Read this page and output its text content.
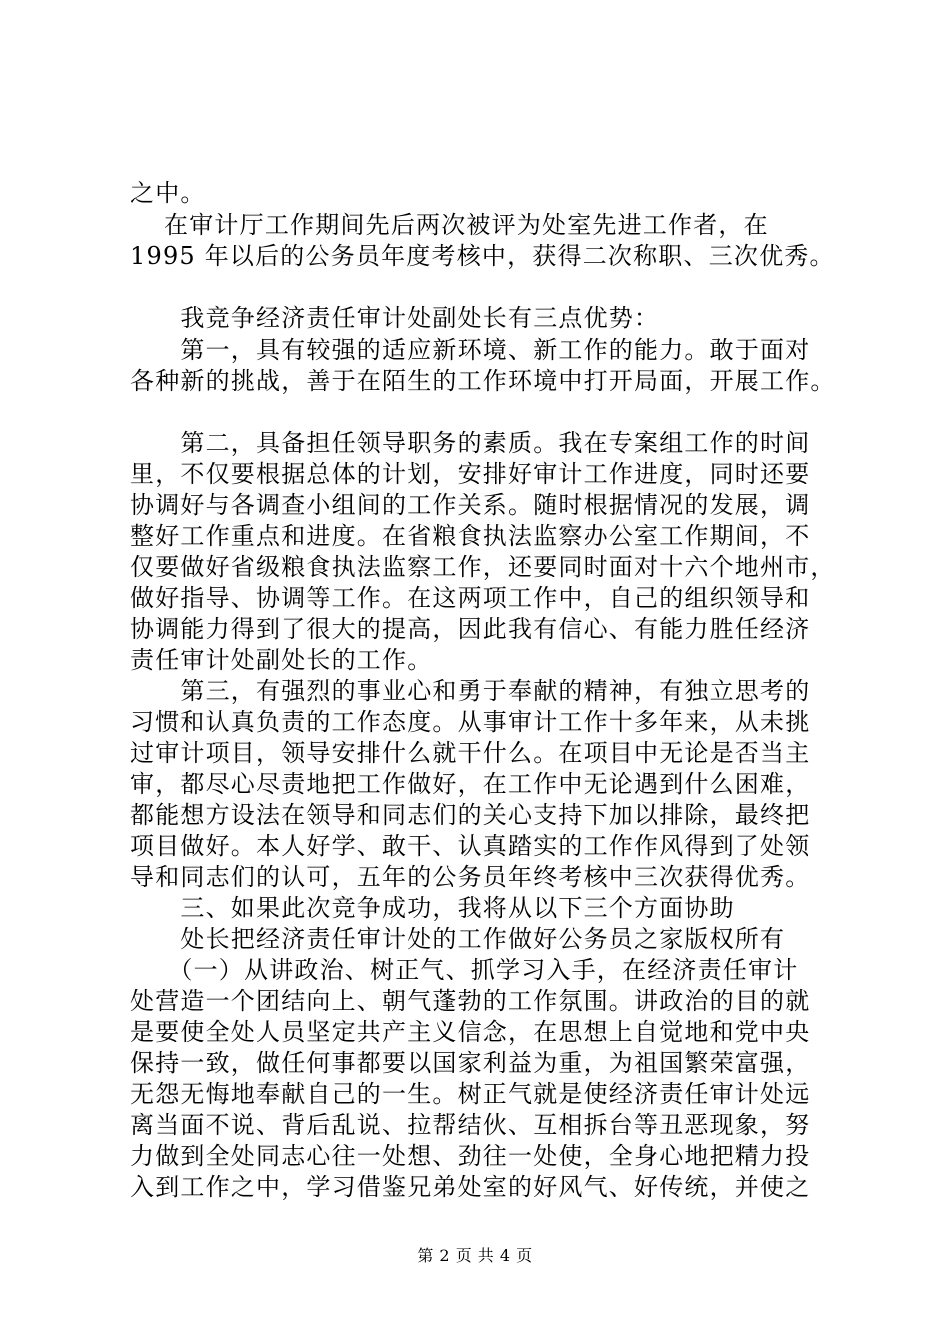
之中。
　 在审计厅工作期间先后两次被评为处室先进工作者，在
1995 年以后的公务员年度考核中，获得二次称职、三次优秀。
　　我竞争经济责任审计处副处长有三点优势：
　　第一，具有较强的适应新环境、新工作的能力。敢于面对
各种新的挑战，善于在陌生的工作环境中打开局面，开展工作。
　　第二，具备担任领导职务的素质。我在专案组工作的时间
里，不仅要根据总体的计划，安排好审计工作进度，同时还要
协调好与各调查小组间的工作关系。随时根据情况的发展，调
整好工作重点和进度。在省粮食执法监察办公室工作期间，不
仅要做好省级粮食执法监察工作，还要同时面对十六个地州市，
做好指导、协调等工作。在这两项工作中，自己的组织领导和
协调能力得到了很大的提高，因此我有信心、有能力胜任经济
责任审计处副处长的工作。
　　第三，有强烈的事业心和勇于奉献的精神，有独立思考的
习惯和认真负责的工作态度。从事审计工作十多年来，从未挑
过审计项目，领导安排什么就干什么。在项目中无论是否当主
审，都尽心尽责地把工作做好，在工作中无论遇到什么困难，
都能想方设法在领导和同志们的关心支持下加以排除，最终把
项目做好。本人好学、敢干、认真踏实的工作作风得到了处领
导和同志们的认可，五年的公务员年终考核中三次获得优秀。
　　三、如果此次竞争成功，我将从以下三个方面协助
　　处长把经济责任审计处的工作做好公务员之家版权所有
　　（一）从讲政治、树正气、抓学习入手，在经济责任审计
处营造一个团结向上、朝气蓬勃的工作氛围。讲政治的目的就
是要使全处人员坚定共产主义信念，在思想上自觉地和党中央
保持一致，做任何事都要以国家利益为重，为祖国繁荣富强，
无怨无悔地奉献自己的一生。树正气就是使经济责任审计处远
离当面不说、背后乱说、拉帮结伙、互相拆台等丑恶现象，努
力做到全处同志心往一处想、劲往一处使，全身心地把精力投
入到工作之中，学习借鉴兄弟处室的好风气、好传统，并使之
第 2 页 共 4 页
